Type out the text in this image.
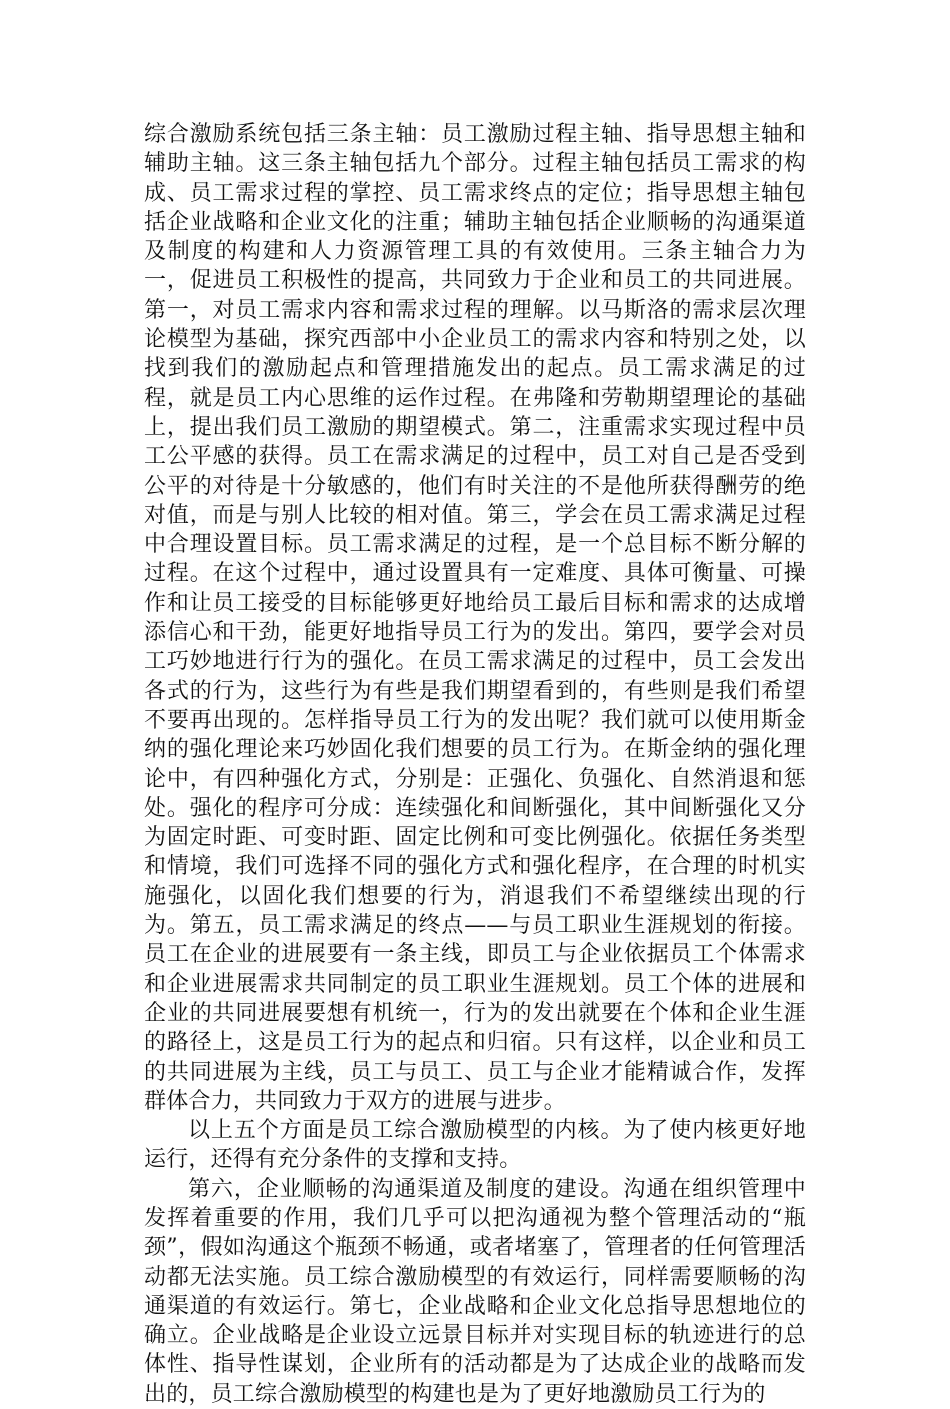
综合激励系统包括三条主轴：员工激励过程主轴、指导思想主轴和辅助主轴。这三条主轴包括九个部分。过程主轴包括员工需求的构成、员工需求过程的掌控、员工需求终点的定位；指导思想主轴包括企业战略和企业文化的注重；辅助主轴包括企业顺畅的沟通渠道及制度的构建和人力资源管理工具的有效使用。三条主轴合力为一，促进员工积极性的提高，共同致力于企业和员工的共同进展。第一，对员工需求内容和需求过程的理解。以马斯洛的需求层次理论模型为基础，探究西部中小企业员工的需求内容和特别之处，以找到我们的激励起点和管理措施发出的起点。员工需求满足的过程，就是员工内心思维的运作过程。在弗隆和劳勒期望理论的基础上，提出我们员工激励的期望模式。第二，注重需求实现过程中员工公平感的获得。员工在需求满足的过程中，员工对自己是否受到公平的对待是十分敏感的，他们有时关注的不是他所获得酬劳的绝对值，而是与别人比较的相对值。第三，学会在员工需求满足过程中合理设置目标。员工需求满足的过程，是一个总目标不断分解的过程。在这个过程中，通过设置具有一定难度、具体可衡量、可操作和让员工接受的目标能够更好地给员工最后目标和需求的达成增添信心和干劲，能更好地指导员工行为的发出。第四，要学会对员工巧妙地进行行为的强化。在员工需求满足的过程中，员工会发出各式的行为，这些行为有些是我们期望看到的，有些则是我们希望不要再出现的。怎样指导员工行为的发出呢？我们就可以使用斯金纳的强化理论来巧妙固化我们想要的员工行为。在斯金纳的强化理论中，有四种强化方式，分别是：正强化、负强化、自然消退和惩处。强化的程序可分成：连续强化和间断强化，其中间断强化又分为固定时距、可变时距、固定比例和可变比例强化。依据任务类型和情境，我们可选择不同的强化方式和强化程序，在合理的时机实施强化，以固化我们想要的行为，消退我们不希望继续出现的行为。第五，员工需求满足的终点——与员工职业生涯规划的衔接。员工在企业的进展要有一条主线，即员工与企业依据员工个体需求和企业进展需求共同制定的员工职业生涯规划。员工个体的进展和企业的共同进展要想有机统一，行为的发出就要在个体和企业生涯的路径上，这是员工行为的起点和归宿。只有这样，以企业和员工的共同进展为主线，员工与员工、员工与企业才能精诚合作，发挥群体合力，共同致力于双方的进展与进步。

以上五个方面是员工综合激励模型的内核。为了使内核更好地运行，还得有充分条件的支撑和支持。

第六，企业顺畅的沟通渠道及制度的建设。沟通在组织管理中发挥着重要的作用，我们几乎可以把沟通视为整个管理活动的“瓶颈”，假如沟通这个瓶颈不畅通，或者堵塞了，管理者的任何管理活动都无法实施。员工综合激励模型的有效运行，同样需要顺畅的沟通渠道的有效运行。第七，企业战略和企业文化总指导思想地位的确立。企业战略是企业设立远景目标并对实现目标的轨迹进行的总体性、指导性谋划，企业所有的活动都是为了达成企业的战略而发出的，员工综合激励模型的构建也是为了更好地激励员工行为的
